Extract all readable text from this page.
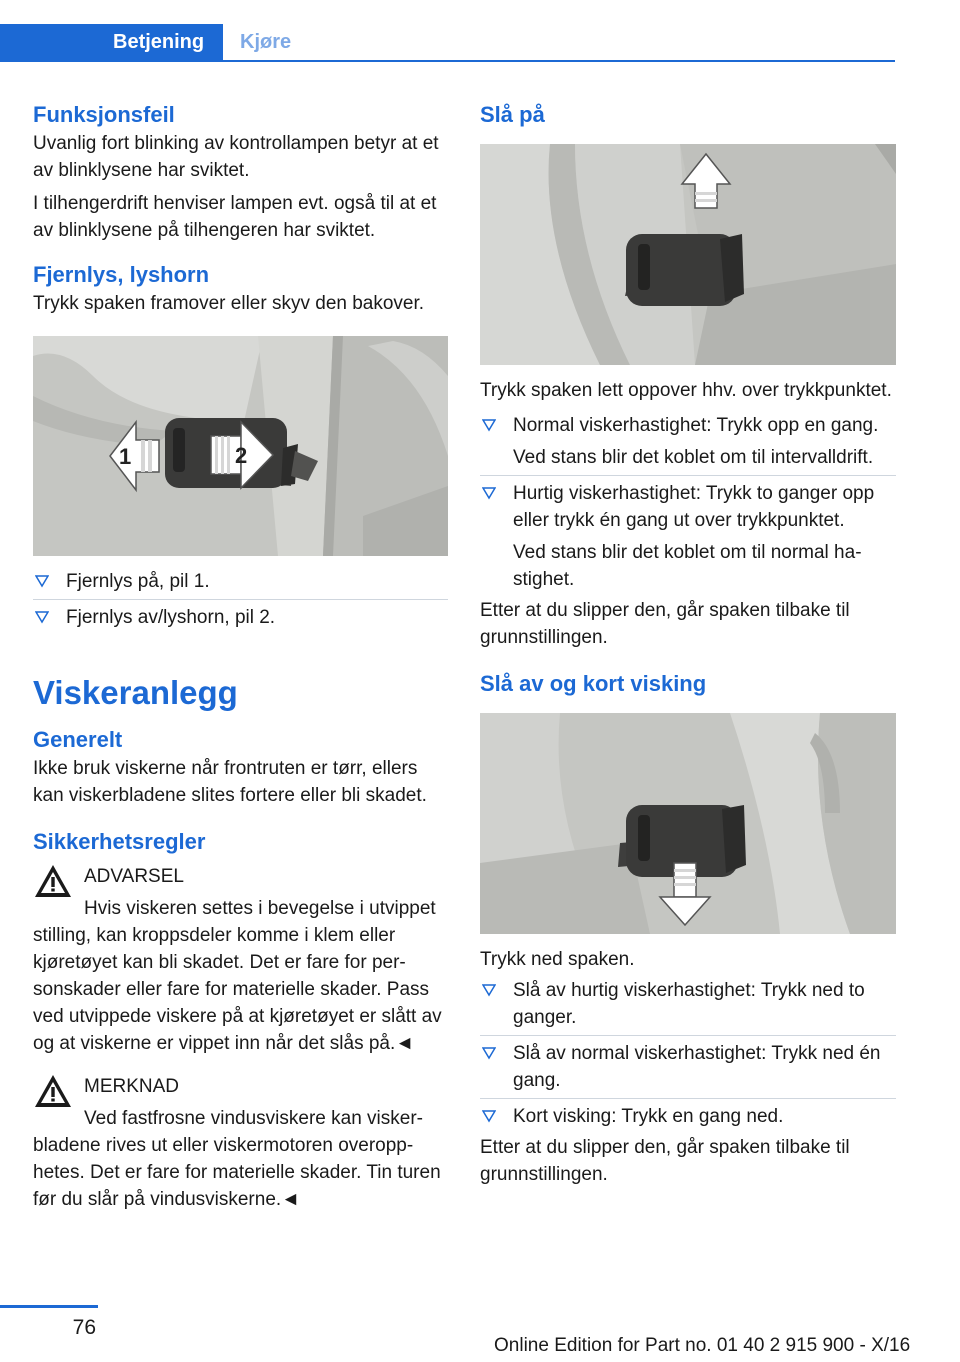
Betjening	Kjøre
Funksjonsfeil

Uvanlig fort blinking av kontrollampen betyr at et av blinklysene har sviktet.

I tilhengerdrift henviser lampen evt. også til at et av blinklysene på tilhengeren har sviktet.

Fjernlys, lyshorn

Trykk spaken framover eller skyv den bakover.

1	2
Fjernlys på, pil 1.
Fjernlys av/lyshorn, pil 2.
Viskeranlegg
Generelt

Ikke bruk viskerne når frontruten er tørr, ellers kan viskerbladene slites fortere eller bli skadet.

Sikkerhetsregler

ADVARSEL

Hvis viskeren settes i bevegelse i utvippet stilling, kan kroppsdeler komme i klem eller kjøretøyet kan bli skadet. Det er fare for personskader eller fare for materielle skader. Pass ved utvippede viskere på at kjøretøyet er slått av og at viskerne er vippet inn når det slås på.◄

MERKNAD

Ved fastfrosne vindusviskere kan viskerbladene rives ut eller viskermotoren overopphetes. Det er fare for materielle skader. Tin turen før du slår på vindusviskerne.◄

Slå på

Trykk spaken lett oppover hhv. over trykkpunktet.

Normal viskerhastighet: Trykk opp en gang.
Ved stans blir det koblet om til intervalldrift.
Hurtig viskerhastighet: Trykk to ganger opp eller trykk én gang ut over trykkpunktet.
Ved stans blir det koblet om til normal hastighet.

Etter at du slipper den, går spaken tilbake til grunnstillingen.

Slå av og kort visking

Trykk ned spaken.

Slå av hurtig viskerhastighet: Trykk ned to ganger.
Slå av normal viskerhastighet: Trykk ned én gang.
Kort visking: Trykk en gang ned.

Etter at du slipper den, går spaken tilbake til grunnstillingen.

76
Online Edition for Part no. 01 40 2 915 900 - X/16
